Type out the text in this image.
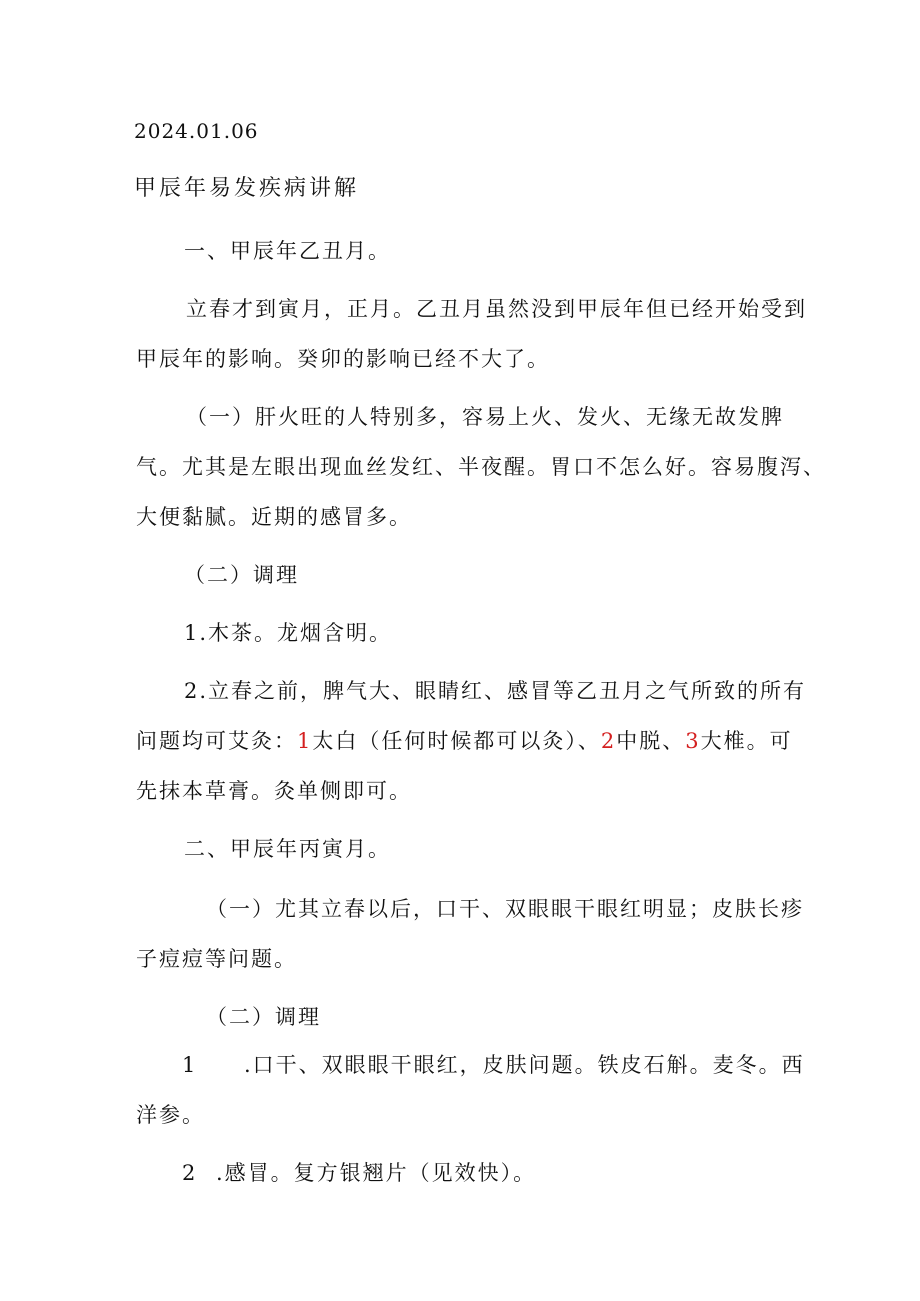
2024.01.06
甲辰年易发疾病讲解
一、甲辰年乙丑月。
立春才到寅月，正月。乙丑月虽然没到甲辰年但已经开始受到
甲辰年的影响。癸卯的影响已经不大了。
（一）肝火旺的人特别多，容易上火、发火、无缘无故发脾
气。尤其是左眼出现血丝发红、半夜醒。胃口不怎么好。容易腹泻、
大便黏腻。近期的感冒多。
（二）调理
1.木茶。龙烟含明。
2.立春之前，脾气大、眼睛红、感冒等乙丑月之气所致的所有
问题均可艾灸：1太白（任何时候都可以灸）、2中脱、3大椎。可
先抹本草膏。灸单侧即可。
二、甲辰年丙寅月。
（一）尤其立春以后，口干、双眼眼干眼红明显；皮肤长疹
子痘痘等问题。
（二）调理
1 .口干、双眼眼干眼红，皮肤问题。铁皮石斛。麦冬。西
洋参。
2 .感冒。复方银翘片（见效快）。
